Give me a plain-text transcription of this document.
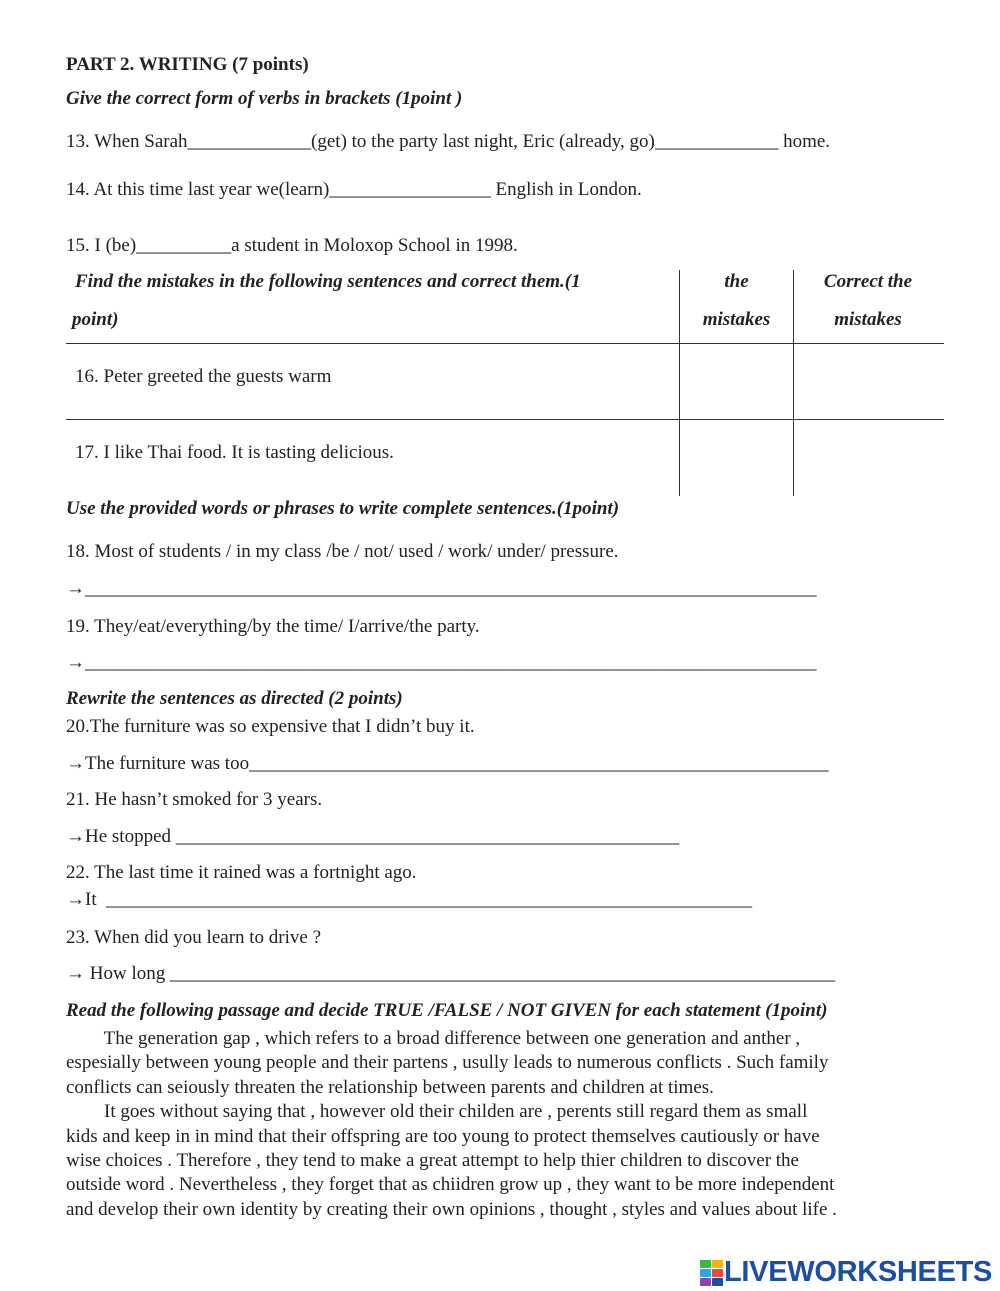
PART 2. WRITING (7 points)
Give the correct form of verbs in brackets (1point )
13. When Sarah_____________(get) to the party last night, Eric (already, go)_____________ home.
14. At this time last year we(learn)_________________ English in London.
15. I (be)__________a student in Moloxop School in 1998.
Find the mistakes in the following sentences and correct them.(1
point)
the
mistakes
Correct the
mistakes
16. Peter greeted the guests warm
17. I like Thai food. It is tasting delicious.
Use the provided words or phrases to write complete sentences.(1point)
18. Most of students / in my class /be / not/ used / work/ under/ pressure.
→_____________________________________________________________________________
19. They/eat/everything/by the time/ I/arrive/the party.
→_____________________________________________________________________________
Rewrite the sentences as directed (2 points)
20.The furniture was so expensive that I didn’t buy it.
→The furniture was too_____________________________________________________________
21. He hasn’t smoked for 3 years.
→He stopped _____________________________________________________
22. The last time it rained was a fortnight ago.
→It  ____________________________________________________________________
23. When did you learn to drive ?
→ How long ______________________________________________________________________
Read the following passage and decide TRUE /FALSE / NOT GIVEN for each statement (1point)
The generation gap , which refers to a broad difference between one generation and anther ,
espesially between young people and their partens , usully leads to numerous conflicts . Such family
conflicts can seiously threaten the relationship between parents and children at times.
It goes without saying that , however old their childen are , perents still regard them as small
kids and keep in in mind that their offspring are too young to protect themselves cautiously or have
wise choices . Therefore , they tend to make a great attempt to help thier children to discover the
outside word . Nevertheless , they forget that as chiidren grow up , they want to be more independent
and develop their own identity by creating their own opinions , thought , styles and values about life .
LIVEWORKSHEETS
